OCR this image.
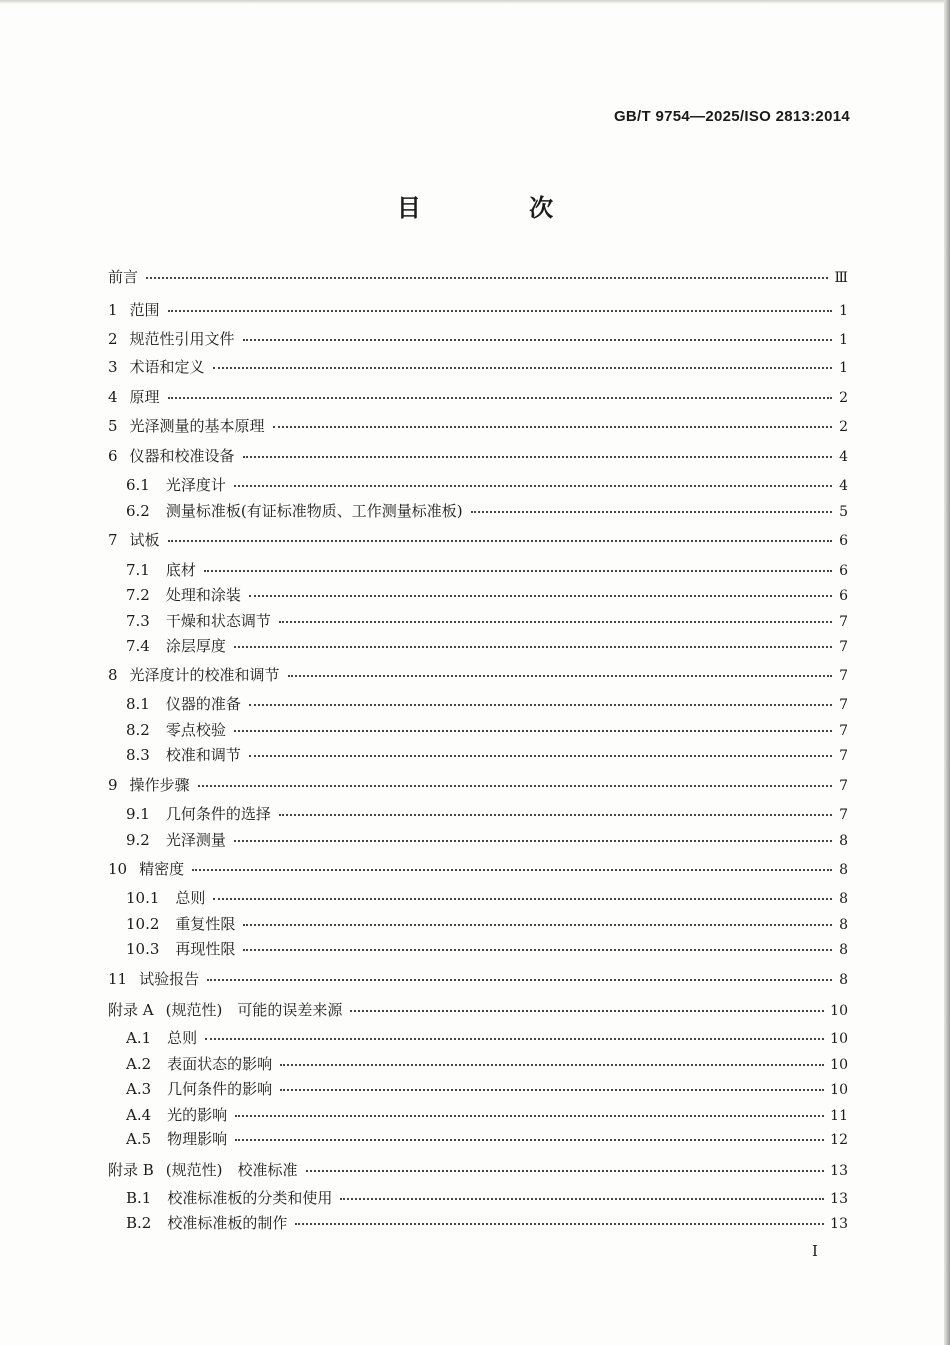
GB/T 9754—2025/ISO 2813:2014
目 次
前言	Ⅲ
1 范围	1
2 规范性引用文件	1
3 术语和定义	1
4 原理	2
5 光泽测量的基本原理	2
6 仪器和校准设备	4
6.1 光泽度计	4
6.2 测量标准板(有证标准物质、工作测量标准板)	5
7 试板	6
7.1 底材	6
7.2 处理和涂装	6
7.3 干燥和状态调节	7
7.4 涂层厚度	7
8 光泽度计的校准和调节	7
8.1 仪器的准备	7
8.2 零点校验	7
8.3 校准和调节	7
9 操作步骤	7
9.1 几何条件的选择	7
9.2 光泽测量	8
10 精密度	8
10.1 总则	8
10.2 重复性限	8
10.3 再现性限	8
11 试验报告	8
附录 A (规范性)　可能的误差来源	10
A.1 总则	10
A.2 表面状态的影响	10
A.3 几何条件的影响	10
A.4 光的影响	11
A.5 物理影响	12
附录 B (规范性)　校准标准	13
B.1 校准标准板的分类和使用	13
B.2 校准标准板的制作	13
I
